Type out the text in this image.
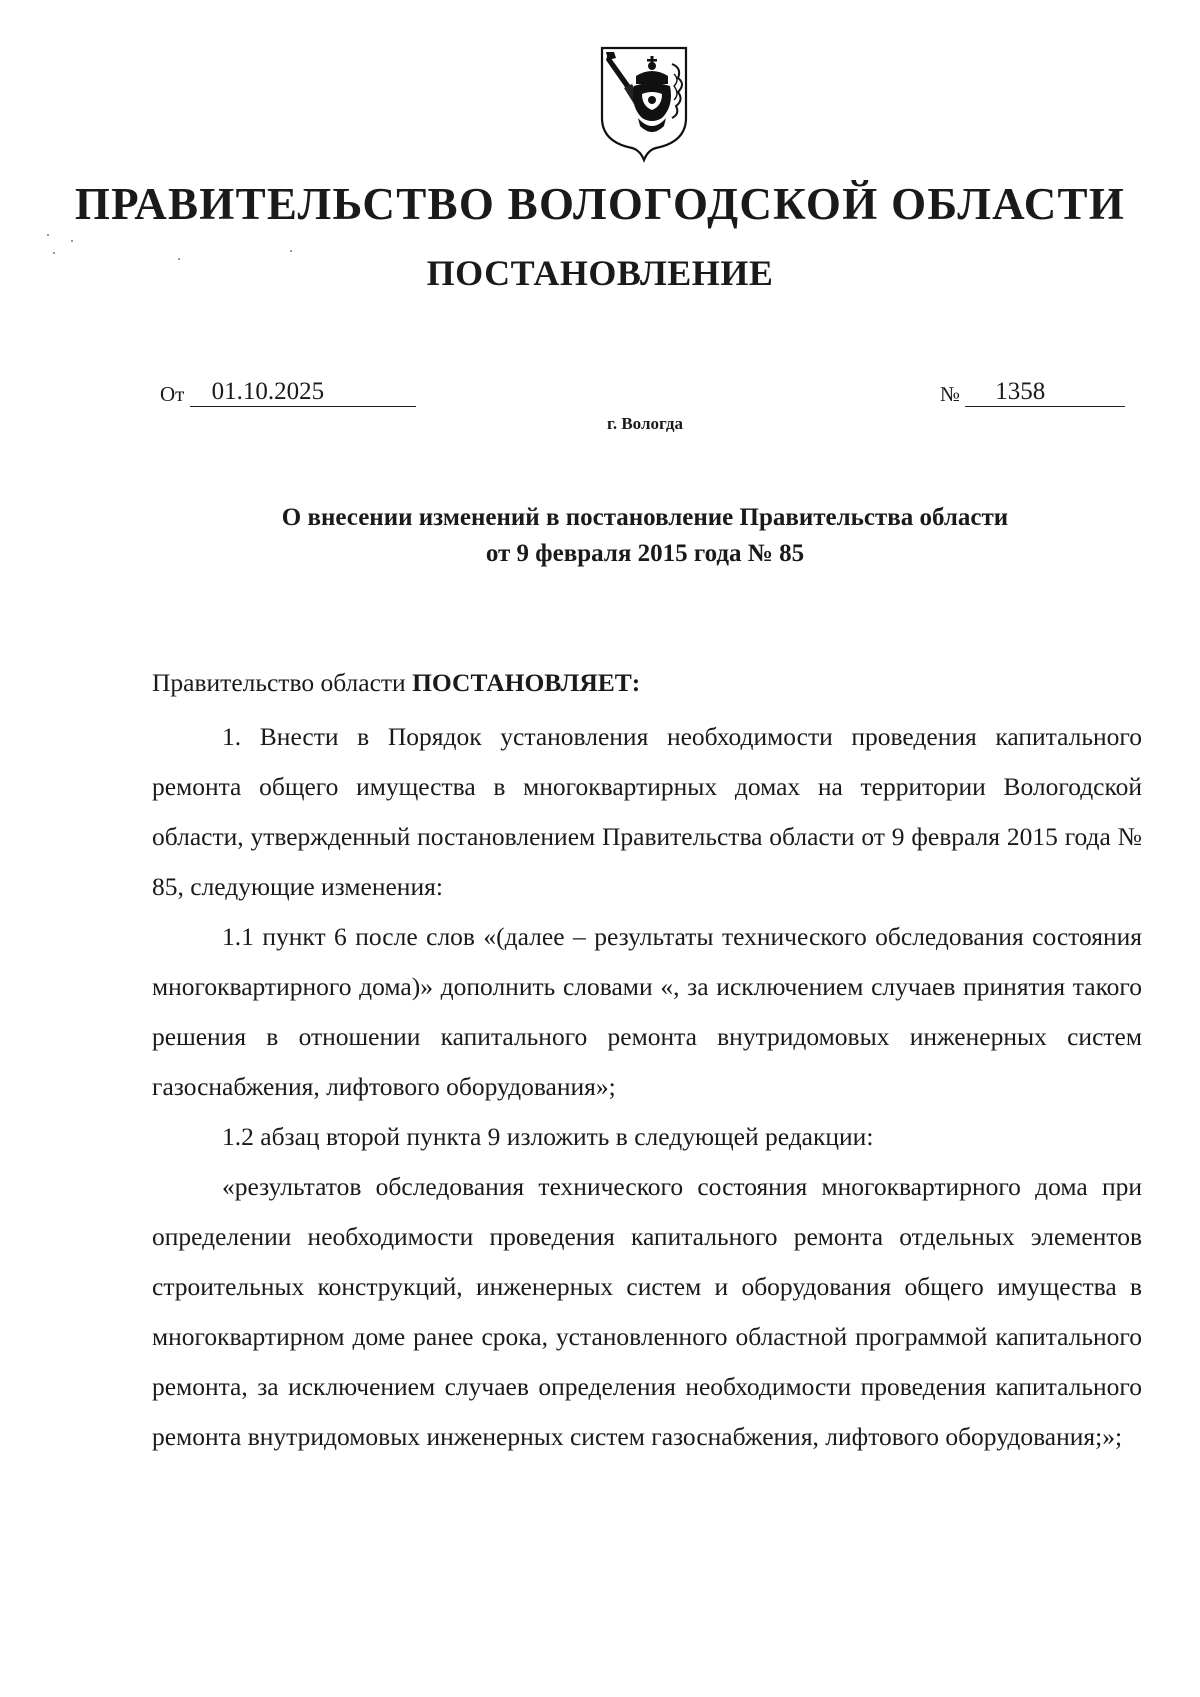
ПРАВИТЕЛЬСТВО ВОЛОГОДСКОЙ ОБЛАСТИ
ПОСТАНОВЛЕНИЕ
От 01.10.2025	№ 1358
г. Вологда
О внесении изменений в постановление Правительства области
от 9 февраля 2015 года № 85

Правительство области ПОСТАНОВЛЯЕТ:

1. Внести в Порядок установления необходимости проведения капитального ремонта общего имущества в многоквартирных домах на территории Вологодской области, утвержденный постановлением Правительства области от 9 февраля 2015 года № 85, следующие изменения:

1.1 пункт 6 после слов «(далее – результаты технического обследования состояния многоквартирного дома)» дополнить словами «, за исключением случаев принятия такого решения в отношении капитального ремонта внутридомовых инженерных систем газоснабжения, лифтового оборудования»;

1.2 абзац второй пункта 9 изложить в следующей редакции:

«результатов обследования технического состояния многоквартирного дома при определении необходимости проведения капитального ремонта отдельных элементов строительных конструкций, инженерных систем и оборудования общего имущества в многоквартирном доме ранее срока, установленного областной программой капитального ремонта, за исключением случаев определения необходимости проведения капитального ремонта внутридомовых инженерных систем газоснабжения, лифтового оборудования;»;
